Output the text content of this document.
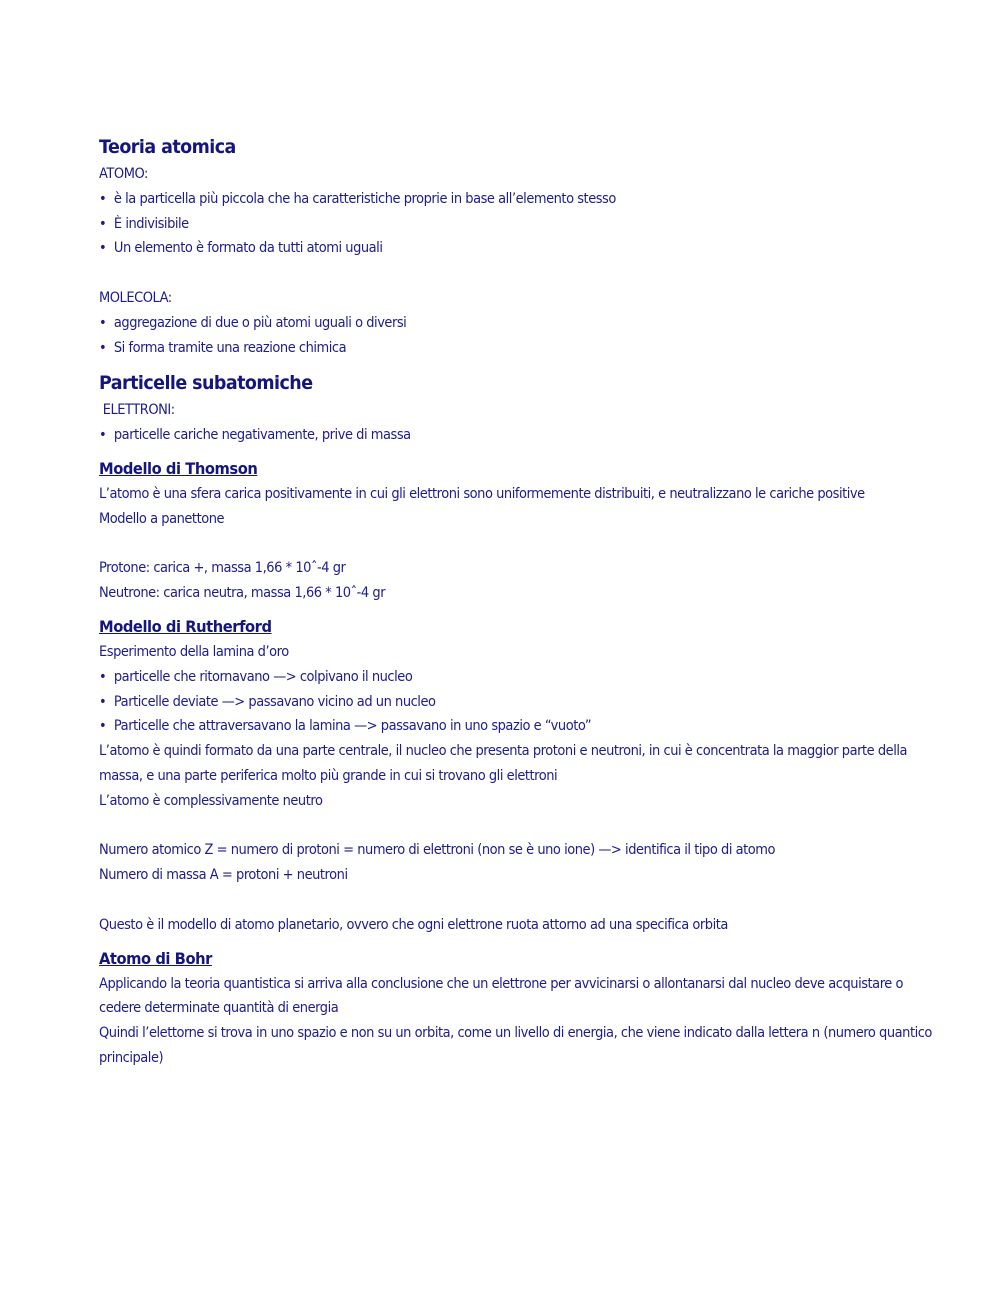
Teoria atomica
ATOMO:
• è la particella più piccola che ha caratteristiche proprie in base all’elemento stesso
• È indivisibile
• Un elemento è formato da tutti atomi uguali
MOLECOLA:
• aggregazione di due o più atomi uguali o diversi
• Si forma tramite una reazione chimica
Particelle subatomiche
ELETTRONI:
• particelle cariche negativamente, prive di massa
Modello di Thomson
L’atomo è una sfera carica positivamente in cui gli elettroni sono uniformemente distribuiti, e neutralizzano le cariche positive
Modello a panettone
Protone: carica +, massa 1,66 * 10ˆ-4 gr
Neutrone: carica neutra, massa 1,66 * 10ˆ-4 gr
Modello di Rutherford
Esperimento della lamina d’oro
• particelle che ritornavano —> colpivano il nucleo
• Particelle deviate —> passavano vicino ad un nucleo
• Particelle che attraversavano la lamina —> passavano in uno spazio e “vuoto”
L’atomo è quindi formato da una parte centrale, il nucleo che presenta protoni e neutroni, in cui è concentrata la maggior parte della
massa, e una parte periferica molto più grande in cui si trovano gli elettroni
L’atomo è complessivamente neutro
Numero atomico Z = numero di protoni = numero di elettroni (non se è uno ione) —> identifica il tipo di atomo
Numero di massa A = protoni + neutroni
Questo è il modello di atomo planetario, ovvero che ogni elettrone ruota attorno ad una specifica orbita
Atomo di Bohr
Applicando la teoria quantistica si arriva alla conclusione che un elettrone per avvicinarsi o allontanarsi dal nucleo deve acquistare o
cedere determinate quantità di energia
Quindi l’elettorne si trova in uno spazio e non su un orbita, come un livello di energia, che viene indicato dalla lettera n (numero quantico
principale)
